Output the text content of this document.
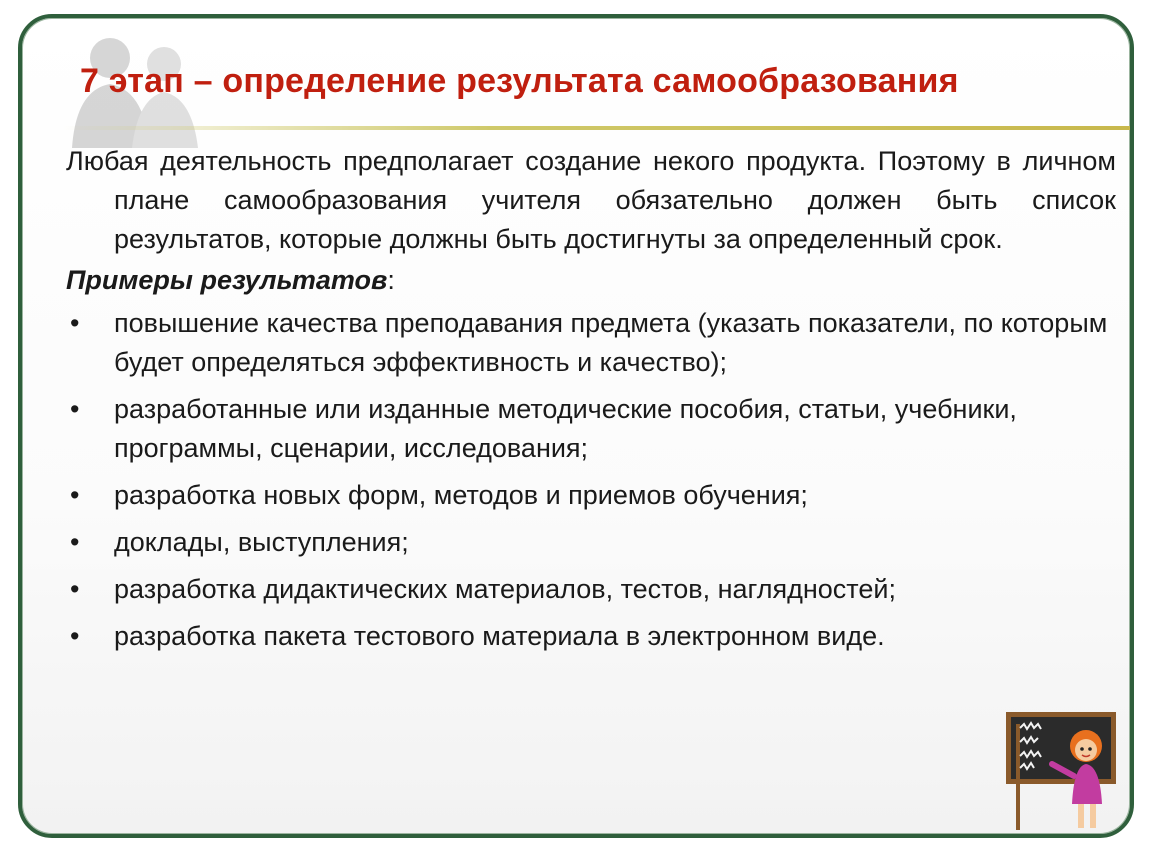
7 этап – определение результата самообразования

Любая деятельность предполагает создание некого продукта. Поэтому в личном плане самообразования учителя обязательно должен быть список результатов, которые должны быть достигнуты за определенный срок.

Примеры результатов:

• повышение качества преподавания предмета (указать показатели, по которым будет определяться эффективность и качество);
• разработанные или изданные методические пособия, статьи, учебники, программы, сценарии, исследования;
• разработка новых форм, методов и приемов обучения;
• доклады, выступления;
• разработка дидактических материалов, тестов, наглядностей;
• разработка пакета тестового материала в электронном виде.
